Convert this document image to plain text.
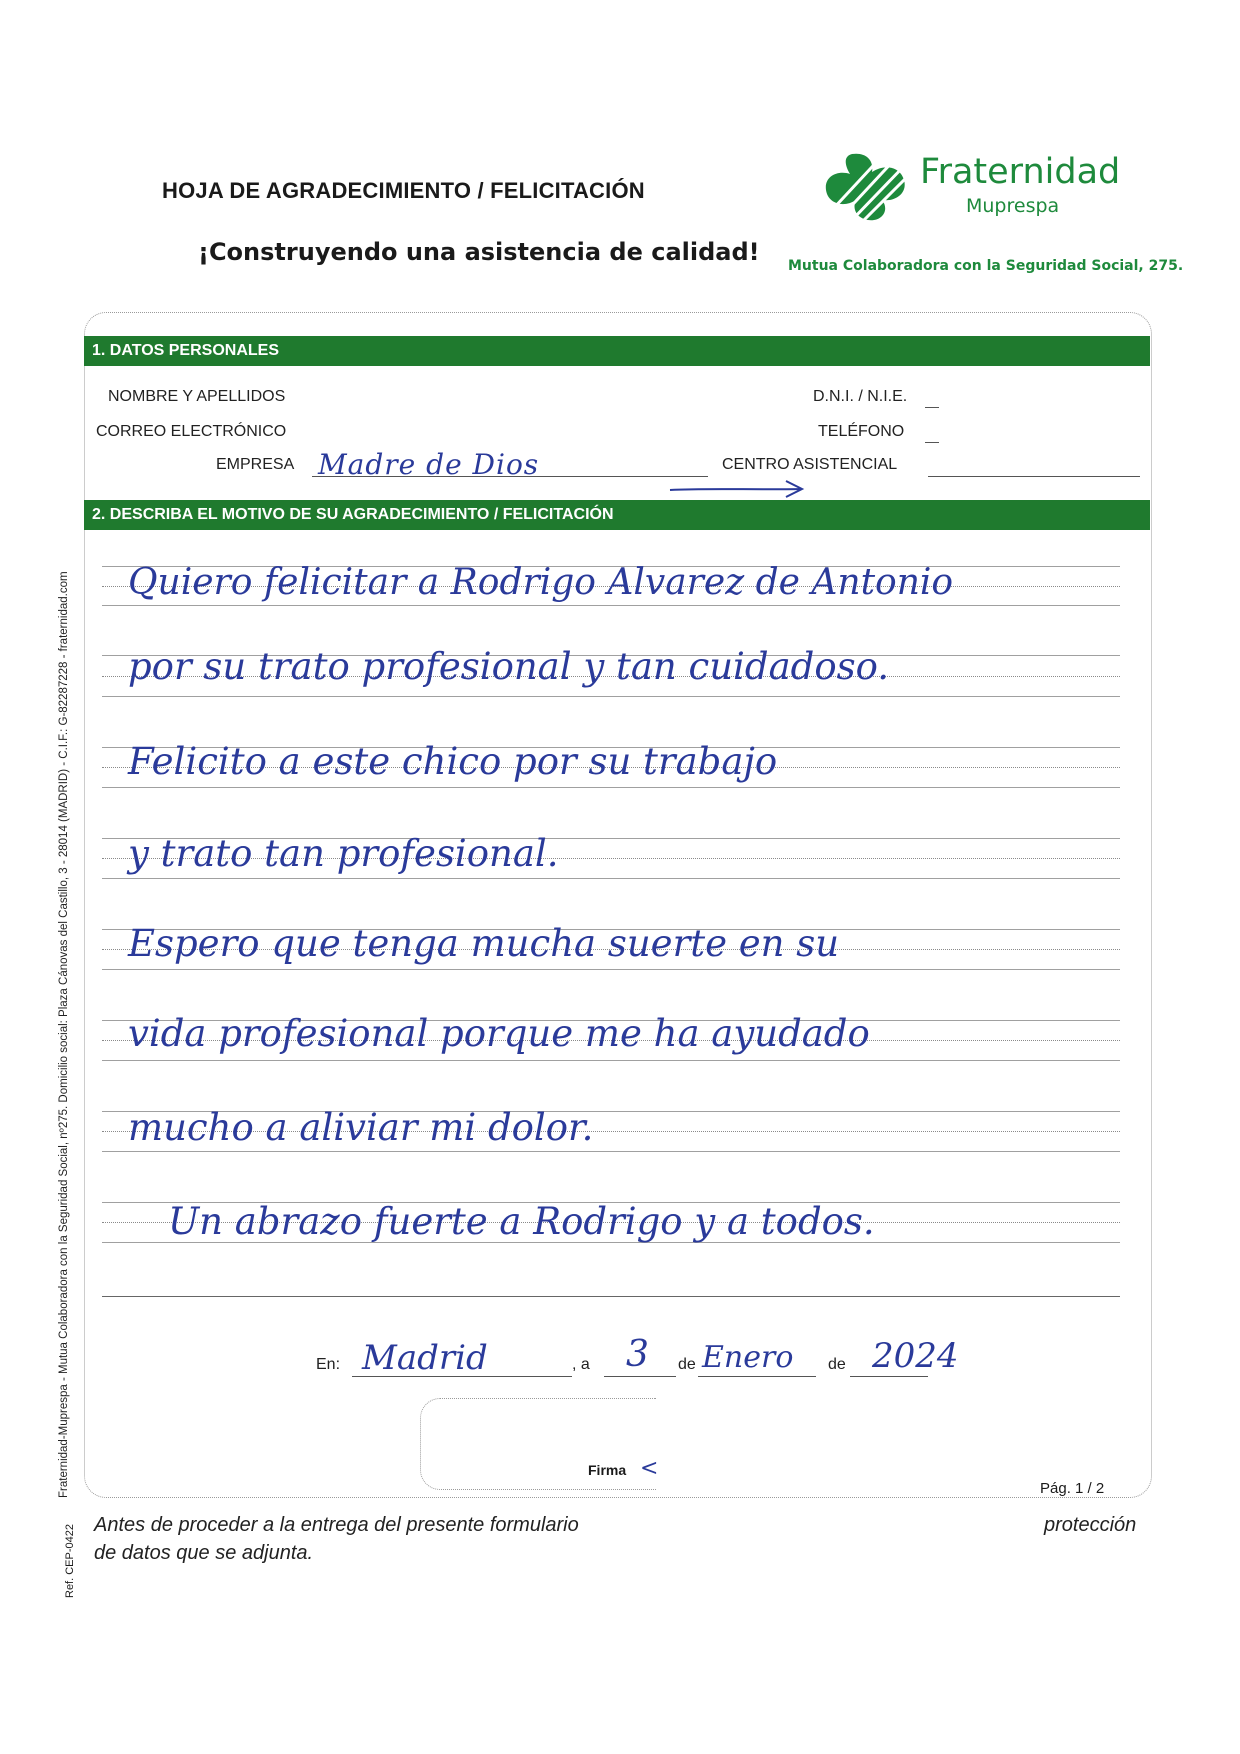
HOJA DE AGRADECIMIENTO / FELICITACIÓN
¡Construyendo una asistencia de calidad!
Fraternidad
Muprespa
Mutua Colaboradora con la Seguridad Social, 275.
1. DATOS PERSONALES
NOMBRE Y APELLIDOS	D.N.I. / N.I.E.
CORREO ELECTRÓNICO	TELÉFONO
EMPRESA Madre de Dios	CENTRO ASISTENCIAL
2. DESCRIBA EL MOTIVO DE SU AGRADECIMIENTO / FELICITACIÓN
Quiero felicitar a Rodrigo Alvarez de Antonio
por su trato profesional y tan cuidadoso.
Felicito a este chico por su trabajo
y trato tan profesional.
Espero que tenga mucha suerte en su
vida profesional porque me ha ayudado
mucho a aliviar mi dolor.
Un abrazo fuerte a Rodrigo y a todos.
En: Madrid	, a 3 de Enero de 2024
Firma <
Pág. 1 / 2
Antes de proceder a la entrega del presente formulario	protección
de datos que se adjunta.
Fraternidad-Muprespa - Mutua Colaboradora con la Seguridad Social, nº275. Domicilio social: Plaza Cánovas del Castillo, 3 - 28014 (MADRID) - C.I.F.: G-82287228 - fraternidad.com
Ref. CEP-0422
